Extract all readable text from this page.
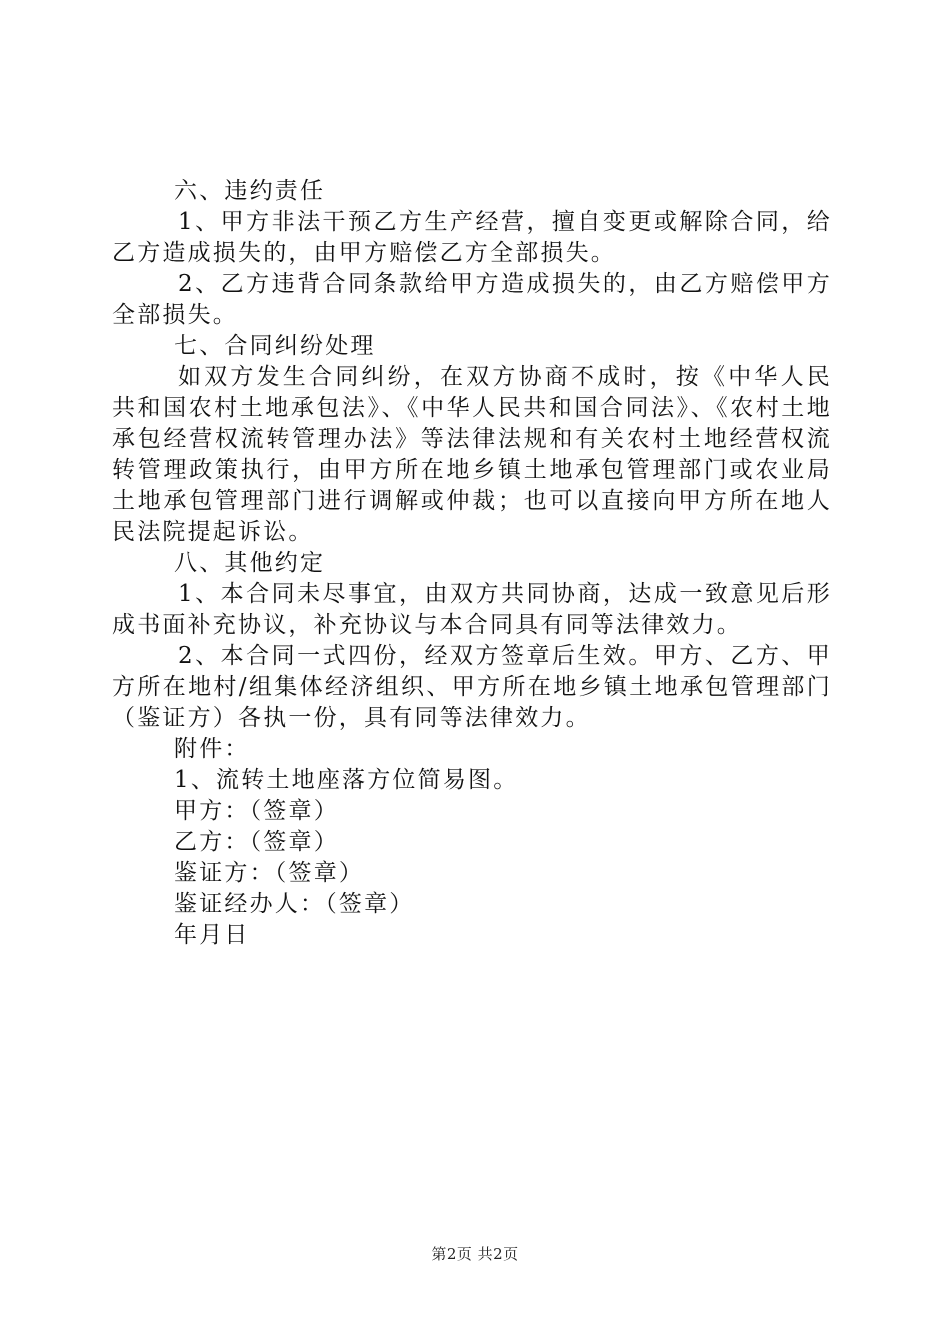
六、违约责任

1、甲方非法干预乙方生产经营，擅自变更或解除合同，给乙方造成损失的，由甲方赔偿乙方全部损失。

2、乙方违背合同条款给甲方造成损失的，由乙方赔偿甲方全部损失。

七、合同纠纷处理

如双方发生合同纠纷，在双方协商不成时，按《中华人民共和国农村土地承包法》、《中华人民共和国合同法》、《农村土地承包经营权流转管理办法》等法律法规和有关农村土地经营权流转管理政策执行，由甲方所在地乡镇土地承包管理部门或农业局土地承包管理部门进行调解或仲裁；也可以直接向甲方所在地人民法院提起诉讼。

八、其他约定

1、本合同未尽事宜，由双方共同协商，达成一致意见后形成书面补充协议，补充协议与本合同具有同等法律效力。

2、本合同一式四份，经双方签章后生效。甲方、乙方、甲方所在地村/组集体经济组织、甲方所在地乡镇土地承包管理部门（鉴证方）各执一份，具有同等法律效力。

附件：

1、流转土地座落方位简易图。

甲方：（签章）

乙方：（签章）

鉴证方：（签章）

鉴证经办人：（签章）

年月日

第2页 共2页
